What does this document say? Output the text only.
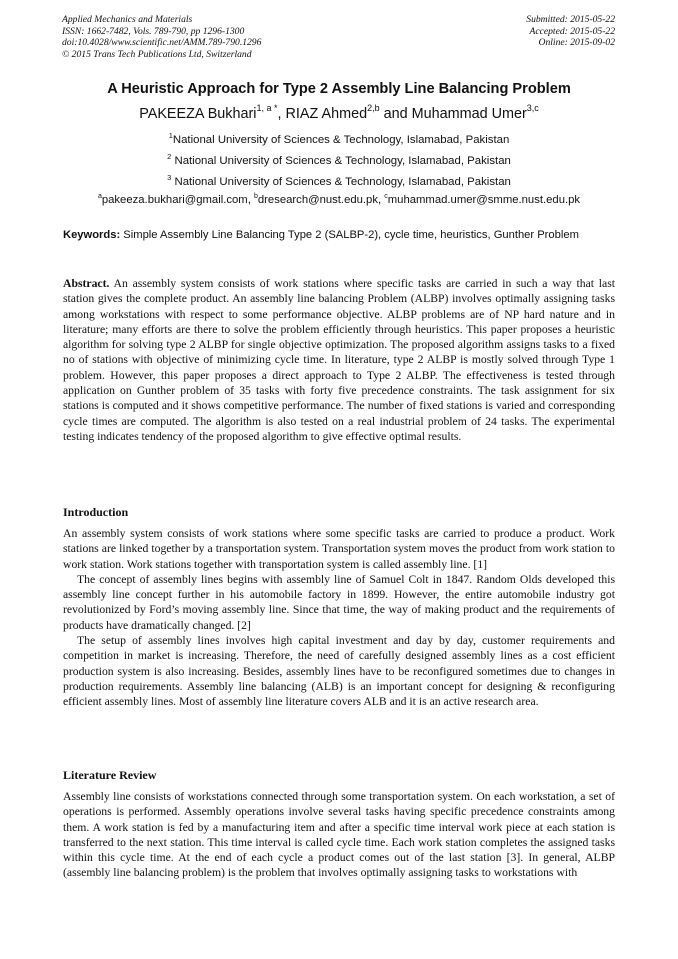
Applied Mechanics and Materials
ISSN: 1662-7482, Vols. 789-790, pp 1296-1300
doi:10.4028/www.scientific.net/AMM.789-790.1296
© 2015 Trans Tech Publications Ltd, Switzerland
Submitted: 2015-05-22
Accepted: 2015-05-22
Online: 2015-09-02
A Heuristic Approach for Type 2 Assembly Line Balancing Problem
PAKEEZA Bukhari$^{1, a *}$, RIAZ Ahmed$^{2,b}$ and Muhammad Umer$^{3,c}$
$^1$National University of Sciences & Technology, Islamabad, Pakistan
$^2$ National University of Sciences & Technology, Islamabad, Pakistan
$^3$ National University of Sciences & Technology, Islamabad, Pakistan
$^a$pakeeza.bukhari@gmail.com, $^b$dresearch@nust.edu.pk, $^c$muhammad.umer@smme.nust.edu.pk
Keywords: Simple Assembly Line Balancing Type 2 (SALBP-2), cycle time, heuristics, Gunther Problem

Abstract. An assembly system consists of work stations where specific tasks are carried in such a way that last station gives the complete product. An assembly line balancing Problem (ALBP) involves optimally assigning tasks among workstations with respect to some performance objective. ALBP problems are of NP hard nature and in literature; many efforts are there to solve the problem efficiently through heuristics. This paper proposes a heuristic algorithm for solving type 2 ALBP for single objective optimization. The proposed algorithm assigns tasks to a fixed no of stations with objective of minimizing cycle time. In literature, type 2 ALBP is mostly solved through Type 1 problem. However, this paper proposes a direct approach to Type 2 ALBP. The effectiveness is tested through application on Gunther problem of 35 tasks with forty five precedence constraints. The task assignment for six stations is computed and it shows competitive performance. The number of fixed stations is varied and corresponding cycle times are computed. The algorithm is also tested on a real industrial problem of 24 tasks. The experimental testing indicates tendency of the proposed algorithm to give effective optimal results.

Introduction

An assembly system consists of work stations where some specific tasks are carried to produce a product. Work stations are linked together by a transportation system. Transportation system moves the product from work station to work station. Work stations together with transportation system is called assembly line. [1]

The concept of assembly lines begins with assembly line of Samuel Colt in 1847. Random Olds developed this assembly line concept further in his automobile factory in 1899. However, the entire automobile industry got revolutionized by Ford’s moving assembly line. Since that time, the way of making product and the requirements of products have dramatically changed. [2]

The setup of assembly lines involves high capital investment and day by day, customer requirements and competition in market is increasing. Therefore, the need of carefully designed assembly lines as a cost efficient production system is also increasing. Besides, assembly lines have to be reconfigured sometimes due to changes in production requirements. Assembly line balancing (ALB) is an important concept for designing & reconfiguring efficient assembly lines. Most of assembly line literature covers ALB and it is an active research area.

Literature Review

Assembly line consists of workstations connected through some transportation system. On each workstation, a set of operations is performed. Assembly operations involve several tasks having specific precedence constraints among them. A work station is fed by a manufacturing item and after a specific time interval work piece at each station is transferred to the next station. This time interval is called cycle time. Each work station completes the assigned tasks within this cycle time. At the end of each cycle a product comes out of the last station [3]. In general, ALBP (assembly line balancing problem) is the problem that involves optimally assigning tasks to workstations with
